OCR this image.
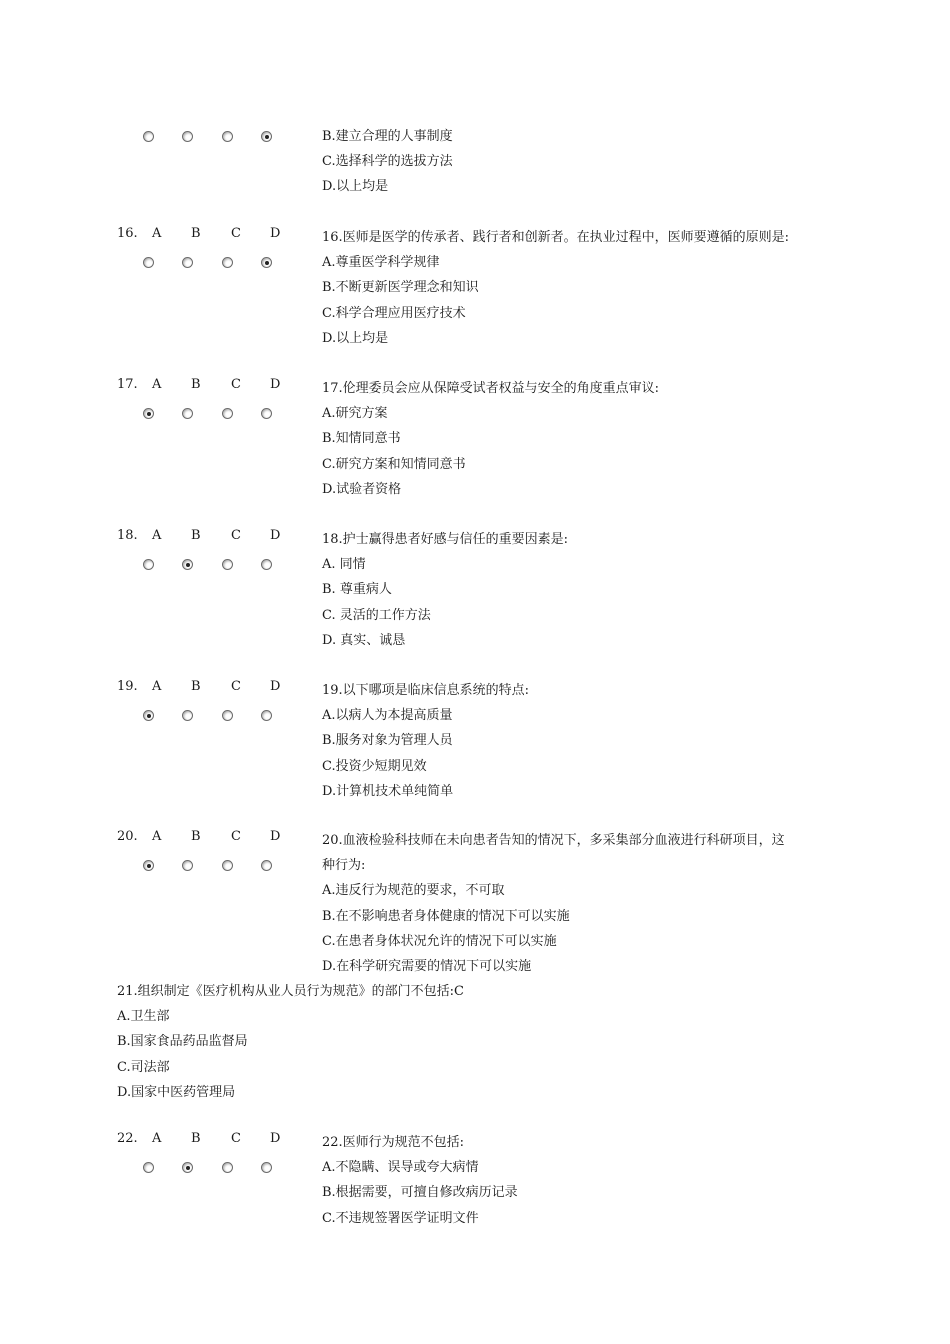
B.建立合理的人事制度
C.选择科学的选拔方法
D.以上均是
16. A B C D	16.医师是医学的传承者、践行者和创新者。在执业过程中，医师要遵循的原则是:
A.尊重医学科学规律
B.不断更新医学理念和知识
C.科学合理应用医疗技术
D.以上均是
17. A B C D	17.伦理委员会应从保障受试者权益与安全的角度重点审议:
A.研究方案
B.知情同意书
C.研究方案和知情同意书
D.试验者资格
18. A B C D	18.护士赢得患者好感与信任的重要因素是:
A. 同情
B. 尊重病人
C. 灵活的工作方法
D. 真实、诚恳
19. A B C D	19.以下哪项是临床信息系统的特点:
A.以病人为本提高质量
B.服务对象为管理人员
C.投资少短期见效
D.计算机技术单纯简单
20. A B C D	20.血液检验科技师在未向患者告知的情况下，多采集部分血液进行科研项目，这
种行为:
A.违反行为规范的要求，不可取
B.在不影响患者身体健康的情况下可以实施
C.在患者身体状况允许的情况下可以实施
D.在科学研究需要的情况下可以实施
22. A B C D	22.医师行为规范不包括:
A.不隐瞒、误导或夸大病情
B.根据需要，可擅自修改病历记录
C.不违规签署医学证明文件
21.组织制定《医疗机构从业人员行为规范》的部门不包括:C
A.卫生部
B.国家食品药品监督局
C.司法部
D.国家中医药管理局
